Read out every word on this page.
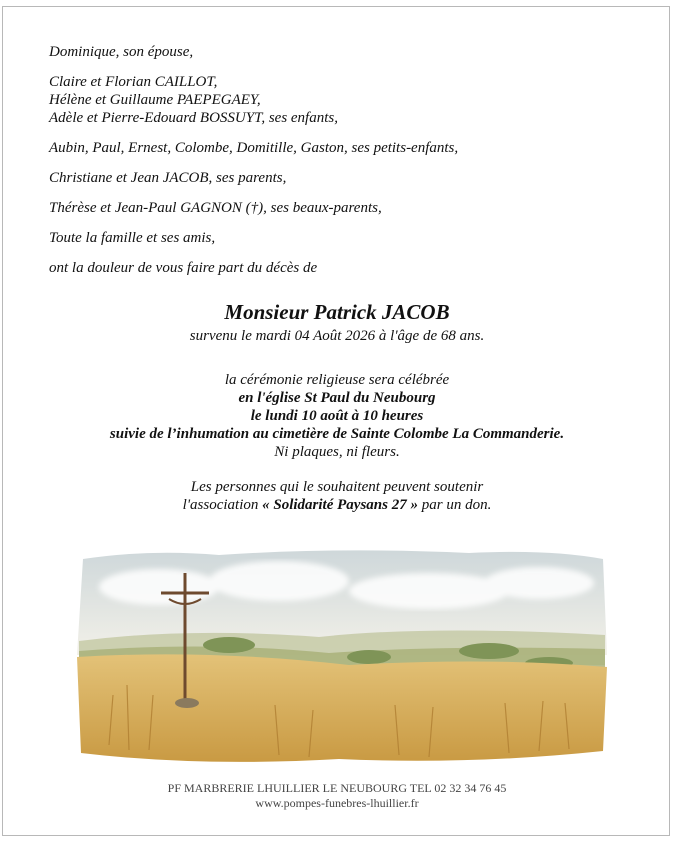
Dominique, son épouse,

Claire et Florian CAILLOT,
Hélène et Guillaume PAEPEGAEY,
Adèle et Pierre-Edouard BOSSUYT, ses enfants,

Aubin, Paul, Ernest, Colombe, Domitille, Gaston, ses petits-enfants,

Christiane et Jean JACOB, ses parents,

Thérèse et Jean-Paul GAGNON (†), ses beaux-parents,

Toute la famille et ses amis,

ont la douleur de vous faire part du décès de

Monsieur Patrick JACOB
survenu le mardi 04 Août 2026 à l'âge de 68 ans.
la cérémonie religieuse sera célébrée
en l'église St Paul du Neubourg
le lundi 10 août à 10 heures
suivie de l’inhumation au cimetière de Sainte Colombe La Commanderie.
Ni plaques, ni fleurs.
Les personnes qui le souhaitent peuvent soutenir
l'association « Solidarité Paysans 27 » par un don.
PF MARBRERIE LHUILLIER LE NEUBOURG TEL 02 32 34 76 45
www.pompes-funebres-lhuillier.fr
